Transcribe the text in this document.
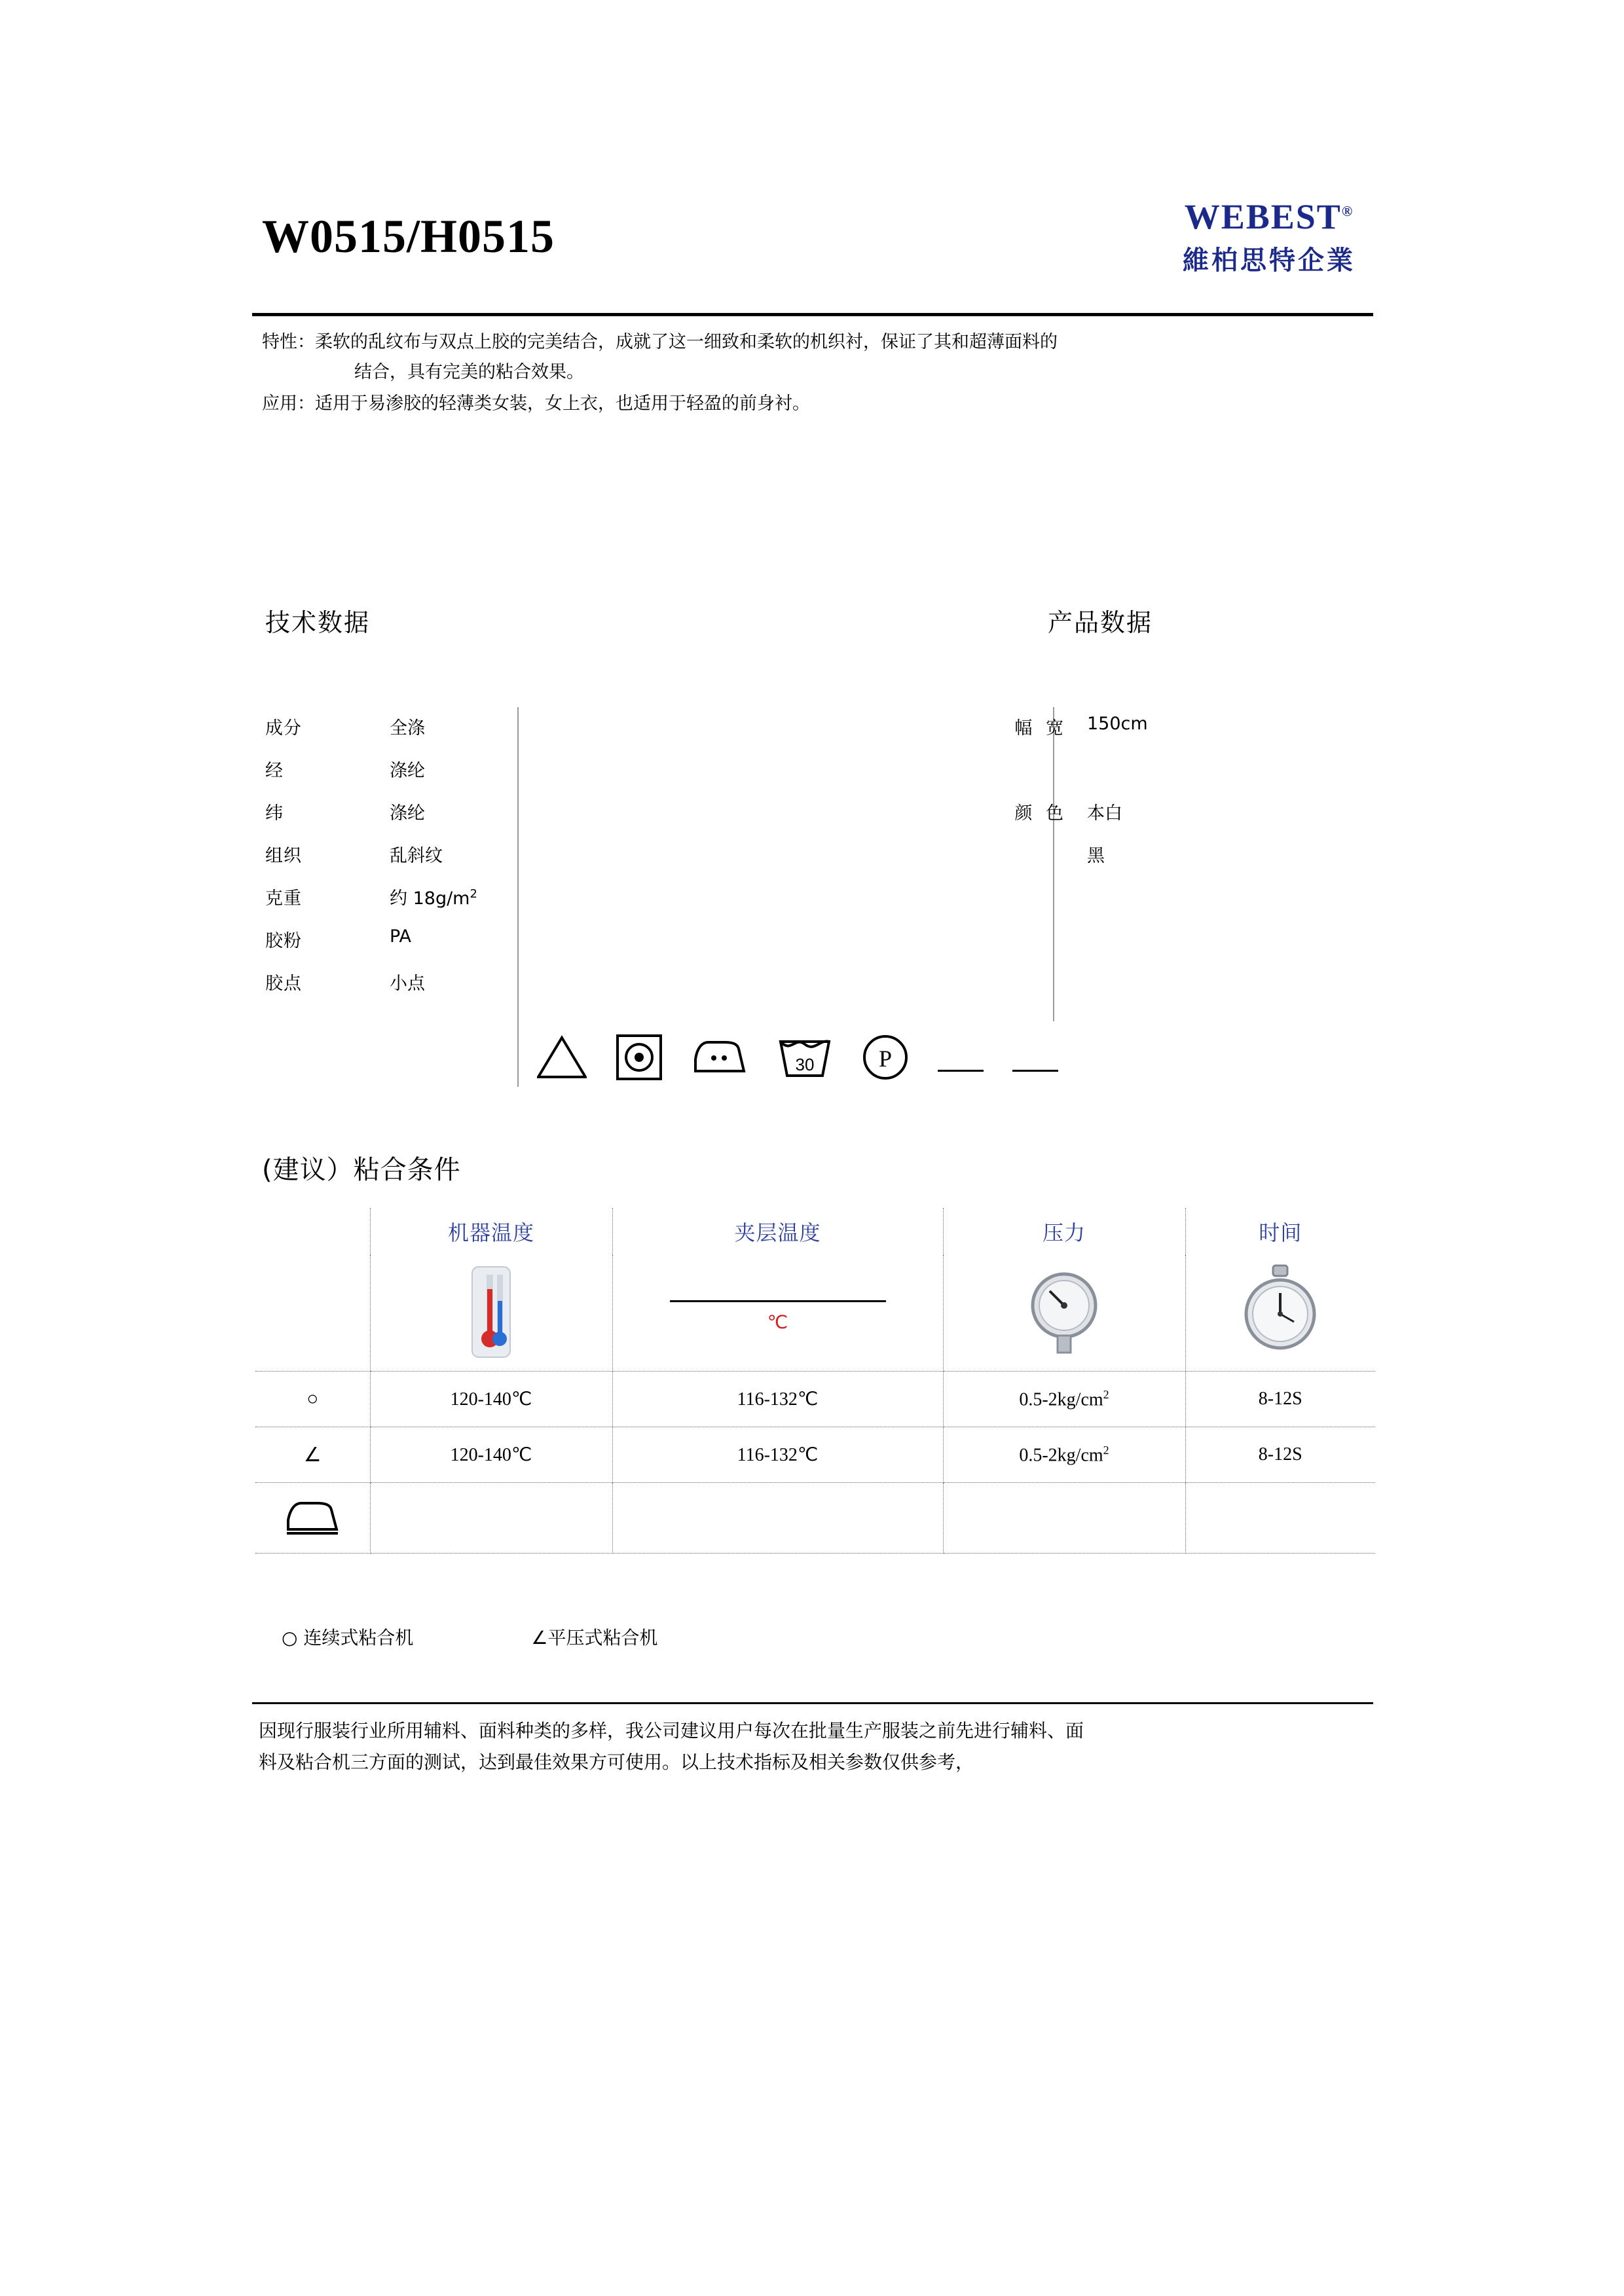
W0515/H0515	WEBEST®
維柏思特企業
特性： 柔软的乱纹布与双点上胶的完美结合，成就了这一细致和柔软的机织衬，保证了其和超薄面料的
结合，具有完美的粘合效果。
应用： 适用于易渗胶的轻薄类女装，女上衣，也适用于轻盈的前身衬。
技术数据	产品数据
成分	全涤
经	涤纶
纬	涤纶
组织	乱斜纹
克重	约 $18g/m^2$
胶粉	PA
胶点	小点
幅 宽	150cm
颜 色	本白
黑
30	P
(建议）粘合条件
	机器温度	夹层温度	压力	时间

℃

○	120-140℃	116-132℃	$0.5-2kg/cm^2$	8-12S
∠	120-140℃	116-132℃	$0.5-2kg/cm^2$	8-12S

○ 连续式粘合机	∠平压式粘合机
因现行服装行业所用辅料、面料种类的多样，我公司建议用户每次在批量生产服装之前先进行辅料、面
料及粘合机三方面的测试，达到最佳效果方可使用。以上技术指标及相关参数仅供参考，
